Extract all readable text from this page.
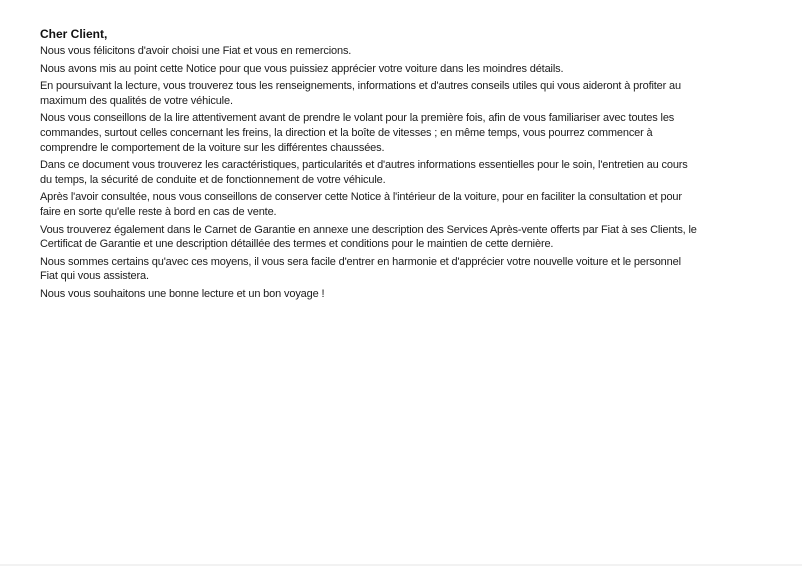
Cher Client,

Nous vous félicitons d'avoir choisi une Fiat et vous en remercions.

Nous avons mis au point cette Notice pour que vous puissiez apprécier votre voiture dans les moindres détails.

En poursuivant la lecture, vous trouverez tous les renseignements, informations et d'autres conseils utiles qui vous aideront à profiter au maximum des qualités de votre véhicule.

Nous vous conseillons de la lire attentivement avant de prendre le volant pour la première fois, afin de vous familiariser avec toutes les commandes, surtout celles concernant les freins, la direction et la boîte de vitesses ; en même temps, vous pourrez commencer à comprendre le comportement de la voiture sur les différentes chaussées.

Dans ce document vous trouverez les caractéristiques, particularités et d'autres informations essentielles pour le soin, l'entretien au cours du temps, la sécurité de conduite et de fonctionnement de votre véhicule.

Après l'avoir consultée, nous vous conseillons de conserver cette Notice à l'intérieur de la voiture, pour en faciliter la consultation et pour faire en sorte qu'elle reste à bord en cas de vente.

Vous trouverez également dans le Carnet de Garantie en annexe une description des Services Après-vente offerts par Fiat à ses Clients, le Certificat de Garantie et une description détaillée des termes et conditions pour le maintien de cette dernière.

Nous sommes certains qu'avec ces moyens, il vous sera facile d'entrer en harmonie et d'apprécier votre nouvelle voiture et le personnel Fiat qui vous assistera.

Nous vous souhaitons une bonne lecture et un bon voyage !
